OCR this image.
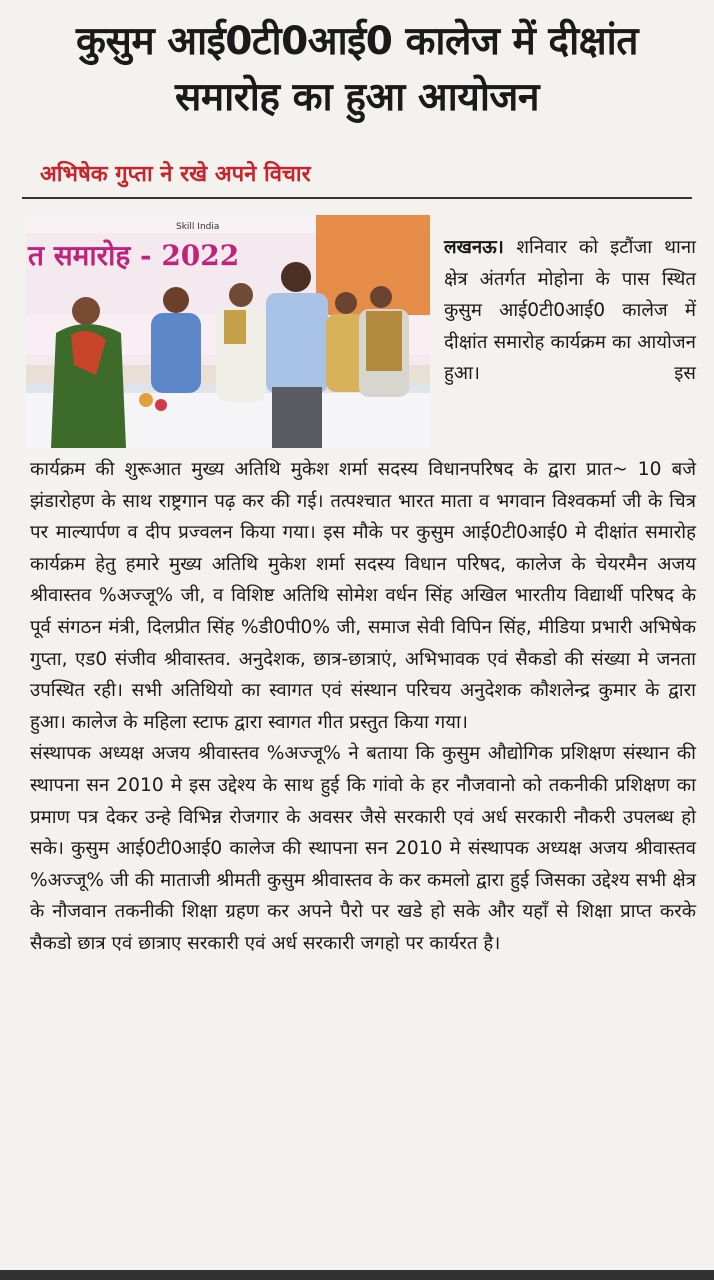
कुसुम आई0टी0आई0 कालेज में दीक्षांत
समारोह का हुआ आयोजन
अभिषेक गुप्ता ने रखे अपने विचार
त समारोह - 2022
Skill India
लखनऊ। शनिवार को इटौंजा थाना क्षेत्र अंतर्गत मोहोना के पास स्थित कुसुम आई0टी0आई0 कालेज में दीक्षांत समारोह कार्यक्रम का आयोजन हुआ। इस

कार्यक्रम की शुरूआत मुख्य अतिथि मुकेश शर्मा सदस्य विधानपरिषद के द्वारा प्रात~ 10 बजे झंडारोहण के साथ राष्ट्रगान पढ़ कर की गई। तत्पश्चात भारत माता व भगवान विश्वकर्मा जी के चित्र पर माल्यार्पण व दीप प्रज्वलन किया गया। इस मौके पर कुसुम आई0टी0आई0 मे दीक्षांत समारोह कार्यक्रम हेतु हमारे मुख्य अतिथि मुकेश शर्मा सदस्य विधान परिषद, कालेज के चेयरमैन अजय श्रीवास्तव %अज्जू% जी, व विशिष्ट अतिथि सोमेश वर्धन सिंह अखिल भारतीय विद्यार्थी परिषद के पूर्व संगठन मंत्री, दिलप्रीत सिंह %डी0पी0% जी, समाज सेवी विपिन सिंह, मीडिया प्रभारी अभिषेक गुप्ता, एड0 संजीव श्रीवास्तव. अनुदेशक, छात्र-छात्राएं, अभिभावक एवं सैकडो की संख्या मे जनता उपस्थित रही। सभी अतिथियो का स्वागत एवं संस्थान परिचय अनुदेशक कौशलेन्द्र कुमार के द्वारा हुआ। कालेज के महिला स्टाफ द्वारा स्वागत गीत प्रस्तुत किया गया।

संस्थापक अध्यक्ष अजय श्रीवास्तव %अज्जू% ने बताया कि कुसुम औद्योगिक प्रशिक्षण संस्थान की स्थापना सन 2010 मे इस उद्देश्य के साथ हुई कि गांवो के हर नौजवानो को तकनीकी प्रशिक्षण का प्रमाण पत्र देकर उन्हे विभिन्न रोजगार के अवसर जैसे सरकारी एवं अर्ध सरकारी नौकरी उपलब्ध हो सके। कुसुम आई0टी0आई0 कालेज की स्थापना सन 2010 मे संस्थापक अध्यक्ष अजय श्रीवास्तव %अज्जू% जी की माताजी श्रीमती कुसुम श्रीवास्तव के कर कमलो द्वारा हुई जिसका उद्देश्य सभी क्षेत्र के नौजवान तकनीकी शिक्षा ग्रहण कर अपने पैरो पर खडे हो सके और यहाँ से शिक्षा प्राप्त करके सैकडो छात्र एवं छात्राए सरकारी एवं अर्ध सरकारी जगहो पर कार्यरत है।
